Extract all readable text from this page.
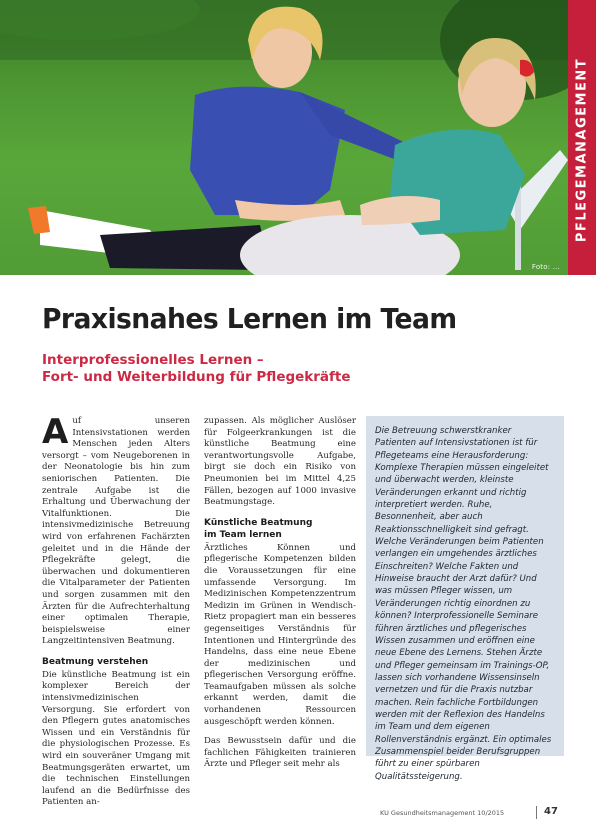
Foto: ...
PFLEGEMANAGEMENT
Praxisnahes Lernen im Team
Interprofessionelles Lernen –
Fort- und Weiterbildung für Pflegekräfte

Auf unseren Intensivstationen werden Menschen jeden Alters versorgt – vom Neugeborenen in der Neonatologie bis hin zum seniorischen Patienten. Die zentrale Aufgabe ist die Erhaltung und Überwachung der Vitalfunktionen. Die intensivmedizinische Betreuung wird von erfahrenen Fachärzten geleitet und in die Hände der Pflegekräfte gelegt, die überwachen und dokumentieren die Vitalparameter der Patienten und sorgen zusammen mit den Ärzten für die Aufrechterhaltung einer optimalen Therapie, beispielsweise einer Langzeitintensiven Beatmung.

Beatmung verstehen

Die künstliche Beatmung ist ein komplexer Bereich der intensivmedizinischen Versorgung. Sie erfordert von den Pflegern gutes anatomisches Wissen und ein Verständnis für die physiologischen Prozesse. Es wird ein souveräner Umgang mit Beatmungsgeräten erwartet, um die technischen Einstellungen laufend an die Bedürfnisse des Patienten an-

zupassen. Als möglicher Auslöser für Folgeerkrankungen ist die künstliche Beatmung eine verantwortungsvolle Aufgabe, birgt sie doch ein Risiko von Pneumonien bei im Mittel 4,25 Fällen, bezogen auf 1000 invasive Beatmungstage.

Künstliche Beatmung
im Team lernen

Ärztliches Können und pflegerische Kompetenzen bilden die Voraussetzungen für eine umfassende Versorgung. Im Medizinischen Kompetenzzentrum Medizin im Grünen in Wendisch-Rietz propagiert man ein besseres gegenseitiges Verständnis für Intentionen und Hintergründe des Handelns, dass eine neue Ebene der medizinischen und pflegerischen Versorgung eröffne. Teamaufgaben müssen als solche erkannt werden, damit die vorhandenen Ressourcen ausgeschöpft werden können.

Das Bewusstsein dafür und die fachlichen Fähigkeiten trainieren Ärzte und Pfleger seit mehr als

Die Betreuung schwerstkranker Patienten auf Intensivstationen ist für Pflegeteams eine Herausforderung: Komplexe Therapien müssen eingeleitet und überwacht werden, kleinste Veränderungen erkannt und richtig interpretiert werden. Ruhe, Besonnenheit, aber auch Reaktionsschnelligkeit sind gefragt. Welche Veränderungen beim Patienten verlangen ein umgehendes ärztliches Einschreiten? Welche Fakten und Hinweise braucht der Arzt dafür? Und was müssen Pfleger wissen, um Veränderungen richtig einordnen zu können? Interprofessionelle Seminare führen ärztliches und pflegerisches Wissen zusammen und eröffnen eine neue Ebene des Lernens. Stehen Ärzte und Pfleger gemeinsam im Trainings-OP, lassen sich vorhandene Wissensinseln vernetzen und für die Praxis nutzbar machen. Rein fachliche Fortbildungen werden mit der Reflexion des Handelns im Team und dem eigenen Rollenverständnis ergänzt. Ein optimales Zusammenspiel beider Berufsgruppen führt zu einer spürbaren Qualitätssteigerung.

KU Gesundheitsmanagement 10/2015	47
